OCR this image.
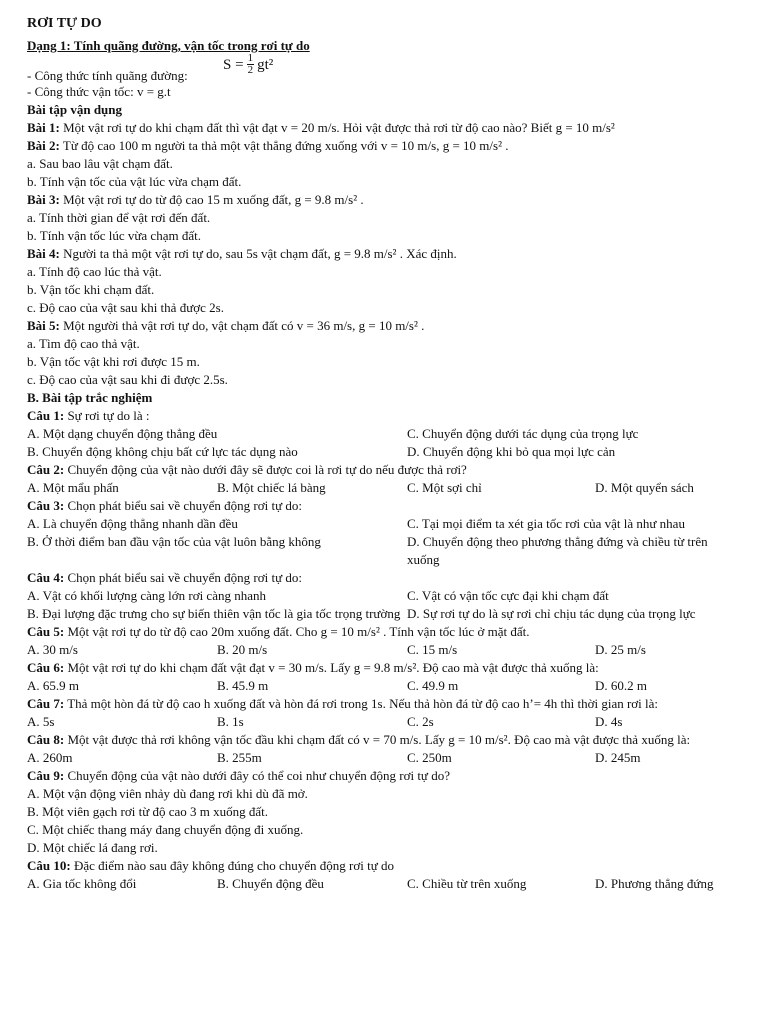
RƠI TỰ DO
Dạng 1: Tính quãng đường, vận tốc trong rơi tự do
- Công thức tính quãng đường:
$S = \frac{1}{2} gt^2$
- Công thức vận tốc: v = g.t
Bài tập vận dụng
Bài 1: Một vật rơi tự do khi chạm đất thì vật đạt v = 20 m/s. Hỏi vật được thả rơi từ độ cao nào? Biết g = 10 m/s²
Bài 2: Từ độ cao 100 m người ta thả một vật thẳng đứng xuống với v = 10 m/s, g = 10 m/s² .
a. Sau bao lâu vật chạm đất.
b. Tính vận tốc của vật lúc vừa chạm đất.
Bài 3: Một vật rơi tự do từ độ cao 15 m xuống đất, g = 9.8 m/s² .
a. Tính thời gian để vật rơi đến đất.
b. Tính vận tốc lúc vừa chạm đất.
Bài 4: Người ta thả một vật rơi tự do, sau 5s vật chạm đất, g = 9.8 m/s² . Xác định.
a. Tính độ cao lúc thả vật.
b. Vận tốc khi chạm đất.
c. Độ cao của vật sau khi thả được 2s.
Bài 5: Một người thả vật rơi tự do, vật chạm đất có v = 36 m/s, g = 10 m/s² .
a. Tìm độ cao thả vật.
b. Vận tốc vật khi rơi được 15 m.
c. Độ cao của vật sau khi đi được 2.5s.
B. Bài tập trắc nghiệm
Câu 1: Sự rơi tự do là :
A. Một dạng chuyển động thẳng đều	C. Chuyển động dưới tác dụng của trọng lực
B. Chuyển động không chịu bất cứ lực tác dụng nào	D. Chuyển động khi bỏ qua mọi lực cản
Câu 2: Chuyển động của vật nào dưới đây sẽ được coi là rơi tự do nếu được thả rơi?
A. Một mẩu phấn	B. Một chiếc lá bàng	C. Một sợi chỉ	D. Một quyển sách
Câu 3: Chọn phát biểu sai về chuyển động rơi tự do:
A. Là chuyển động thẳng nhanh dần đều	C. Tại mọi điểm ta xét gia tốc rơi của vật là như nhau
B. Ở thời điểm ban đầu vận tốc của vật luôn bằng không	D. Chuyển động theo phương thẳng đứng và chiều từ trên xuống
Câu 4: Chọn phát biểu sai về chuyển động rơi tự do:
A. Vật có khối lượng càng lớn rơi càng nhanh	C. Vật có vận tốc cực đại khi chạm đất
B. Đại lượng đặc trưng cho sự biến thiên vận tốc là gia tốc trọng trường D. Sự rơi tự do là sự rơi chỉ chịu tác dụng của trọng lực
Câu 5: Một vật rơi tự do từ độ cao 20m xuống đất. Cho g = 10 m/s² . Tính vận tốc lúc ở mặt đất.
A. 30 m/s	B. 20 m/s	C. 15 m/s	D. 25 m/s
Câu 6: Một vật rơi tự do khi chạm đất vật đạt v = 30 m/s. Lấy g = 9.8 m/s². Độ cao mà vật được thả xuống là:
A. 65.9 m	B. 45.9 m	C. 49.9 m	D. 60.2 m
Câu 7: Thả một hòn đá từ độ cao h xuống đất và hòn đá rơi trong 1s. Nếu thả hòn đá từ độ cao h’= 4h thì thời gian rơi là:
A. 5s	B. 1s	C. 2s	D. 4s
Câu 8: Một vật được thả rơi không vận tốc đầu khi chạm đất có v = 70 m/s. Lấy g = 10 m/s². Độ cao mà vật được thả xuống là:
A. 260m	B. 255m	C. 250m	D. 245m
Câu 9: Chuyển động của vật nào dưới đây có thể coi như chuyển động rơi tự do?
A. Một vận động viên nhảy dù đang rơi khi dù đã mở.
B. Một viên gạch rơi từ độ cao 3 m xuống đất.
C. Một chiếc thang máy đang chuyển động đi xuống.
D. Một chiếc lá đang rơi.
Câu 10: Đặc điểm nào sau đây không đúng cho chuyển động rơi tự do
A. Gia tốc không đổi	B. Chuyển động đều	C. Chiều từ trên xuống	D. Phương thẳng đứng
